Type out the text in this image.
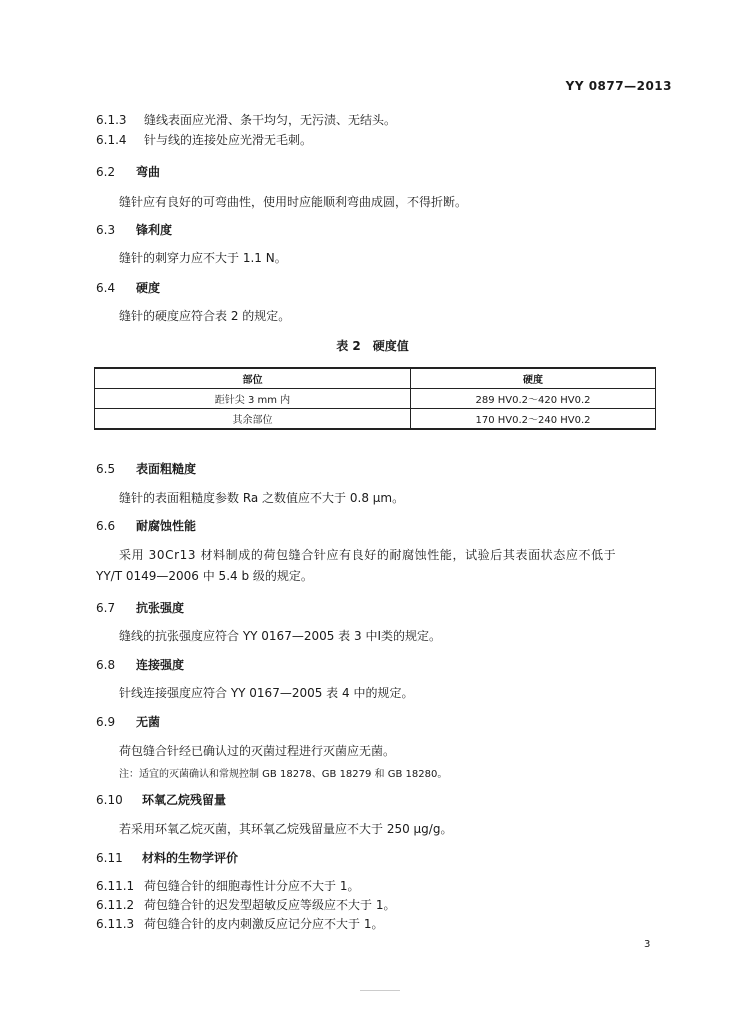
YY 0877—2013
6.1.3 缝线表面应光滑、条干均匀，无污渍、无结头。
6.1.4 针与线的连接处应光滑无毛刺。
6.2 弯曲
缝针应有良好的可弯曲性，使用时应能顺利弯曲成圆，不得折断。
6.3 锋利度
缝针的刺穿力应不大于 1.1 N。
6.4 硬度
缝针的硬度应符合表 2 的规定。
表 2　硬度值
部位	硬度
距针尖 3 mm 内	289 HV0.2～420 HV0.2
其余部位	170 HV0.2～240 HV0.2
6.5 表面粗糙度
缝针的表面粗糙度参数 Ra 之数值应不大于 0.8 μm。
6.6 耐腐蚀性能
采用 30Cr13 材料制成的荷包缝合针应有良好的耐腐蚀性能，试验后其表面状态应不低于
YY/T 0149—2006 中 5.4 b 级的规定。
6.7 抗张强度
缝线的抗张强度应符合 YY 0167—2005 表 3 中Ⅰ类的规定。
6.8 连接强度
针线连接强度应符合 YY 0167—2005 表 4 中的规定。
6.9 无菌
荷包缝合针经已确认过的灭菌过程进行灭菌应无菌。
注：适宜的灭菌确认和常规控制 GB 18278、GB 18279 和 GB 18280。
6.10 环氧乙烷残留量
若采用环氧乙烷灭菌，其环氧乙烷残留量应不大于 250 μg/g。
6.11 材料的生物学评价
6.11.1 荷包缝合针的细胞毒性计分应不大于 1。
6.11.2 荷包缝合针的迟发型超敏反应等级应不大于 1。
6.11.3 荷包缝合针的皮内刺激反应记分应不大于 1。
3
